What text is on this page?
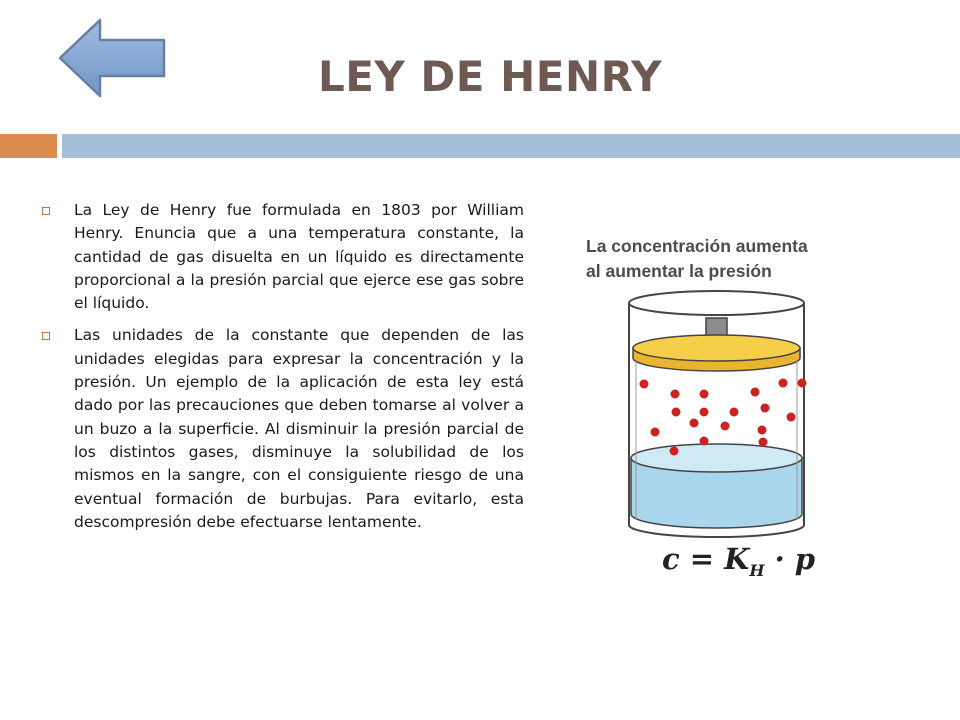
LEY DE HENRY

La Ley de Henry fue formulada en 1803 por William Henry. Enuncia que a una temperatura constante, la cantidad de gas disuelta en un líquido es directamente proporcional a la presión parcial que ejerce ese gas sobre el líquido.

Las unidades de la constante que dependen de las unidades elegidas para expresar la concentración y la presión. Un ejemplo de la aplicación de esta ley está dado por las precauciones que deben tomarse al volver a un buzo a la superficie. Al disminuir la presión parcial de los distintos gases, disminuye la solubilidad de los mismos en la sangre, con el consiguiente riesgo de una eventual formación de burbujas. Para evitarlo, esta descompresión debe efectuarse lentamente.

La concentración aumenta
al aumentar la presión

$c = K_H \cdot p$
